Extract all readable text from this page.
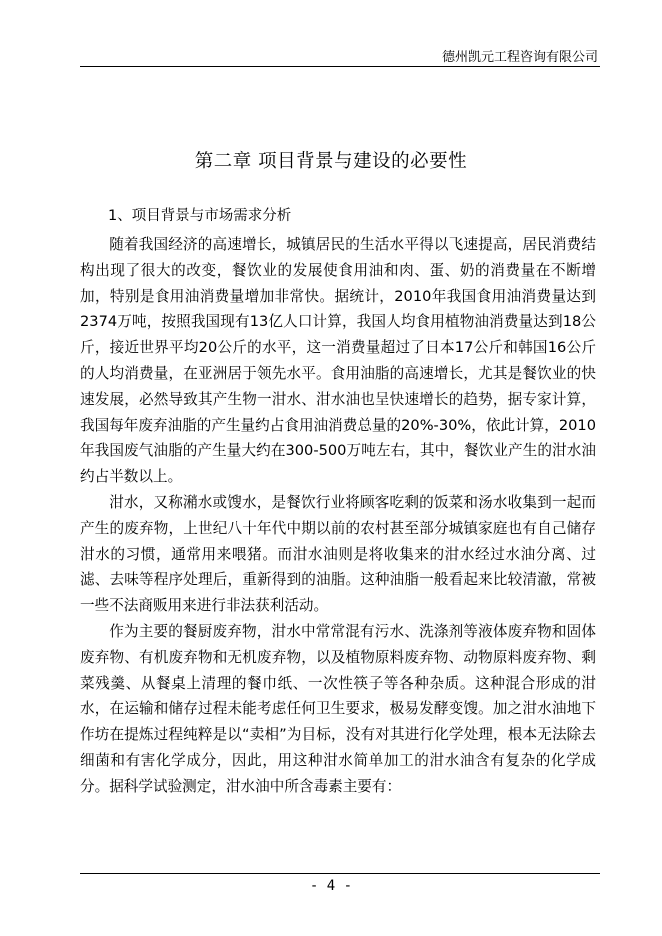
德州凯元工程咨询有限公司
第二章 项目背景与建设的必要性
1、项目背景与市场需求分析

随着我国经济的高速增长，城镇居民的生活水平得以飞速提高，居民消费结构出现了很大的改变，餐饮业的发展使食用油和肉、蛋、奶的消费量在不断增加，特别是食用油消费量增加非常快。据统计，2010年我国食用油消费量达到2374万吨，按照我国现有13亿人口计算，我国人均食用植物油消费量达到18公斤，接近世界平均20公斤的水平，这一消费量超过了日本17公斤和韩国16公斤的人均消费量，在亚洲居于领先水平。食用油脂的高速增长，尤其是餐饮业的快速发展，必然导致其产生物一泔水、泔水油也呈快速增长的趋势，据专家计算，我国每年废弃油脂的产生量约占食用油消费总量的20%-30%，依此计算，2010年我国废气油脂的产生量大约在300-500万吨左右，其中，餐饮业产生的泔水油约占半数以上。

泔水，又称潲水或馊水，是餐饮行业将顾客吃剩的饭菜和汤水收集到一起而产生的废弃物，上世纪八十年代中期以前的农村甚至部分城镇家庭也有自己储存泔水的习惯，通常用来喂猪。而泔水油则是将收集来的泔水经过水油分离、过滤、去味等程序处理后，重新得到的油脂。这种油脂一般看起来比较清澈，常被一些不法商贩用来进行非法获利活动。

作为主要的餐厨废弃物，泔水中常常混有污水、洗涤剂等液体废弃物和固体废弃物、有机废弃物和无机废弃物，以及植物原料废弃物、动物原料废弃物、剩菜残羹、从餐桌上清理的餐巾纸、一次性筷子等各种杂质。这种混合形成的泔水，在运输和储存过程未能考虑任何卫生要求，极易发酵变馊。加之泔水油地下作坊在提炼过程纯粹是以“卖相”为目标，没有对其进行化学处理，根本无法除去细菌和有害化学成分，因此，用这种泔水简单加工的泔水油含有复杂的化学成分。据科学试验测定，泔水油中所含毒素主要有：

- 4 -
